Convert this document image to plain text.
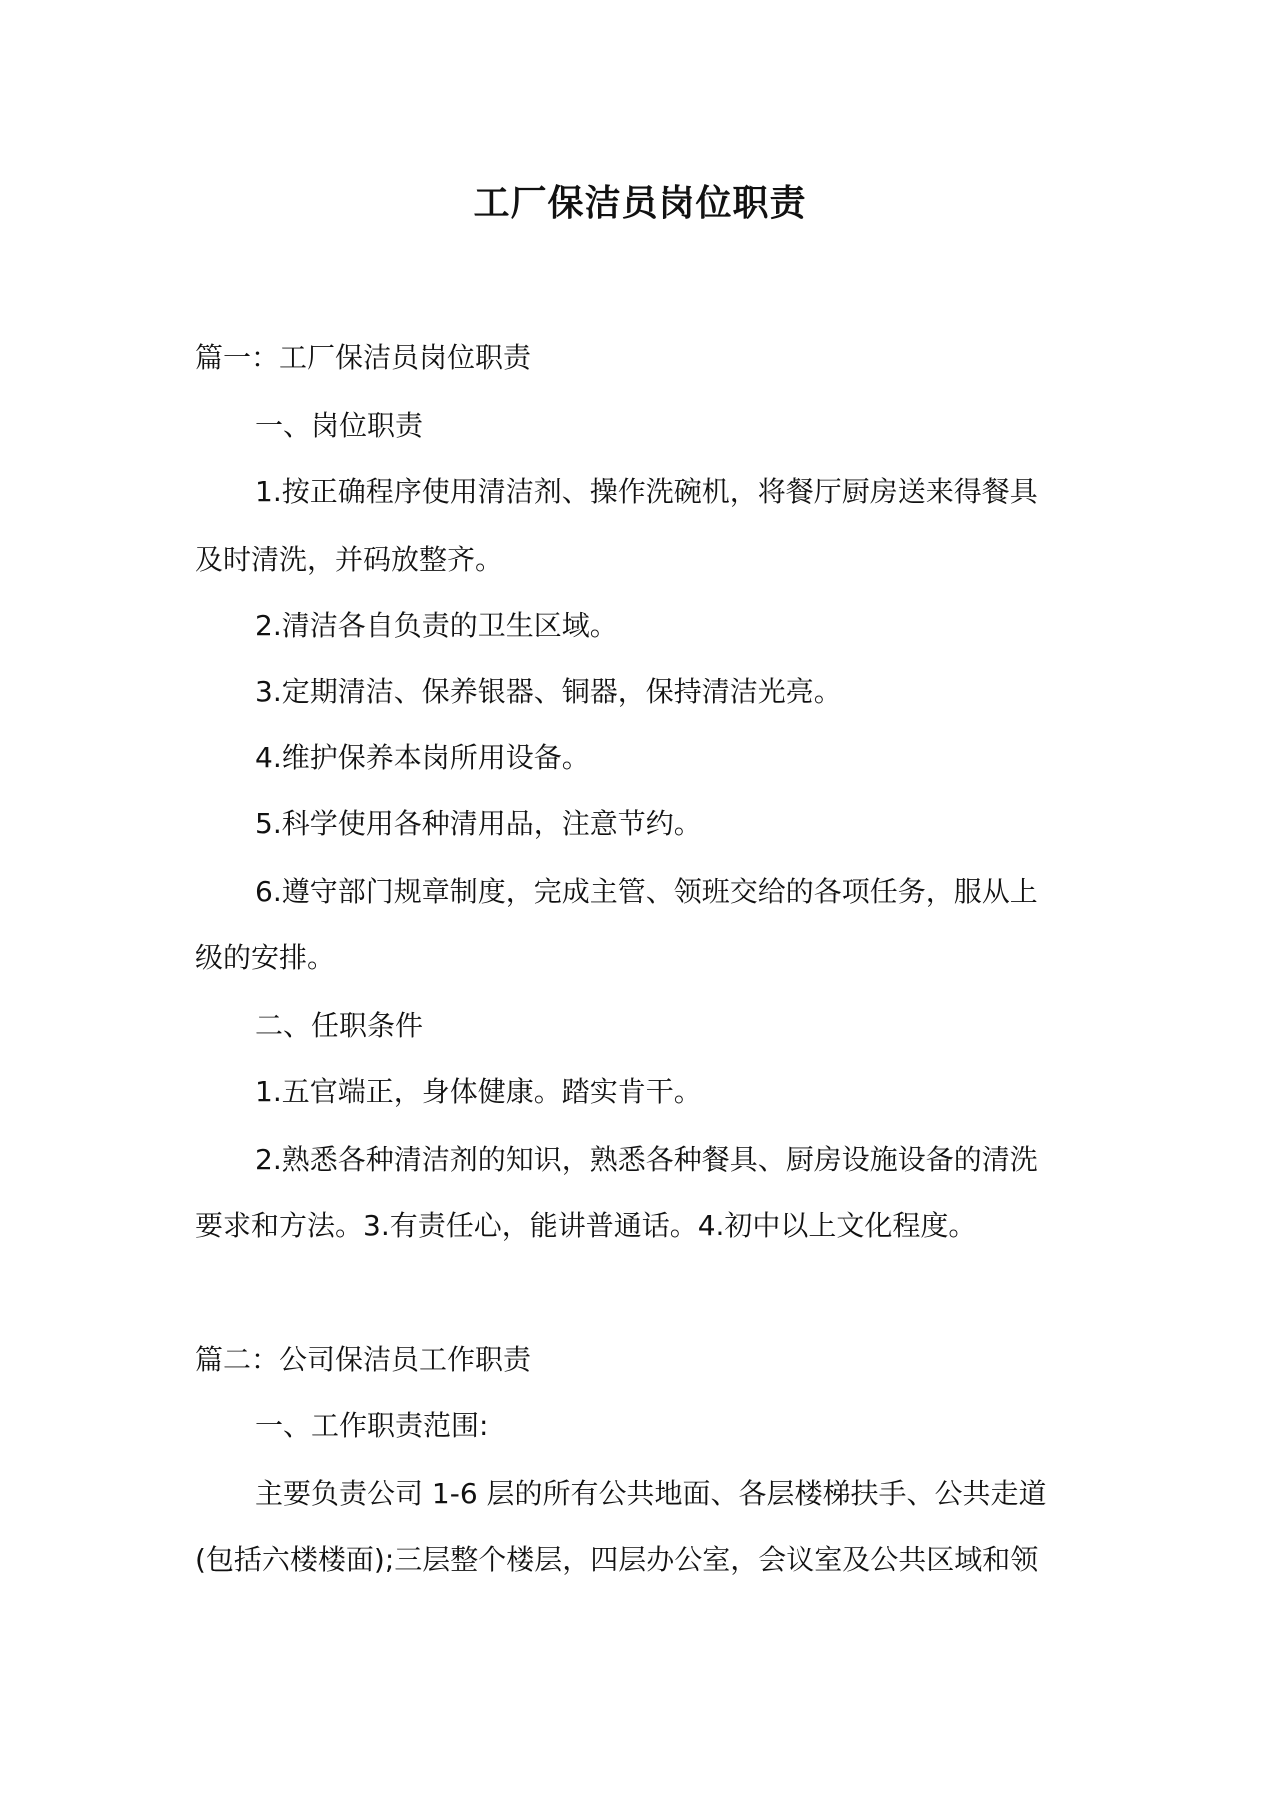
工厂保洁员岗位职责
篇一：工厂保洁员岗位职责
一、岗位职责
1.按正确程序使用清洁剂、操作洗碗机，将餐厅厨房送来得餐具
及时清洗，并码放整齐。
2.清洁各自负责的卫生区域。
3.定期清洁、保养银器、铜器，保持清洁光亮。
4.维护保养本岗所用设备。
5.科学使用各种清用品，注意节约。
6.遵守部门规章制度，完成主管、领班交给的各项任务，服从上
级的安排。
二、任职条件
1.五官端正，身体健康。踏实肯干。
2.熟悉各种清洁剂的知识，熟悉各种餐具、厨房设施设备的清洗
要求和方法。3.有责任心，能讲普通话。4.初中以上文化程度。
篇二：公司保洁员工作职责
一、工作职责范围:
主要负责公司 1-6 层的所有公共地面、各层楼梯扶手、公共走道
(包括六楼楼面);三层整个楼层，四层办公室，会议室及公共区域和领
